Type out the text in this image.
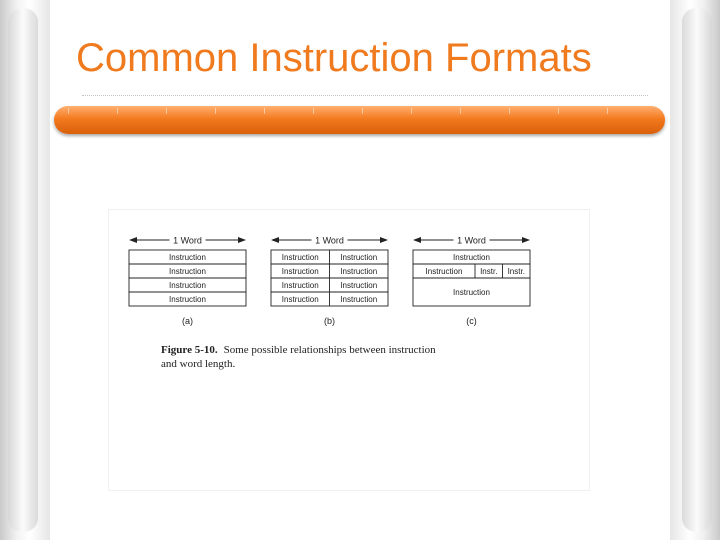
Common Instruction Formats
1 Word
Instruction
Instruction
Instruction
Instruction
(a)
1 Word
Instruction	Instruction
Instruction	Instruction
Instruction	Instruction
Instruction	Instruction
(b)
1 Word
Instruction
Instruction Instr. Instr.
Instruction
(c)
Figure 5-10. Some possible relationships between instruction
and word length.
